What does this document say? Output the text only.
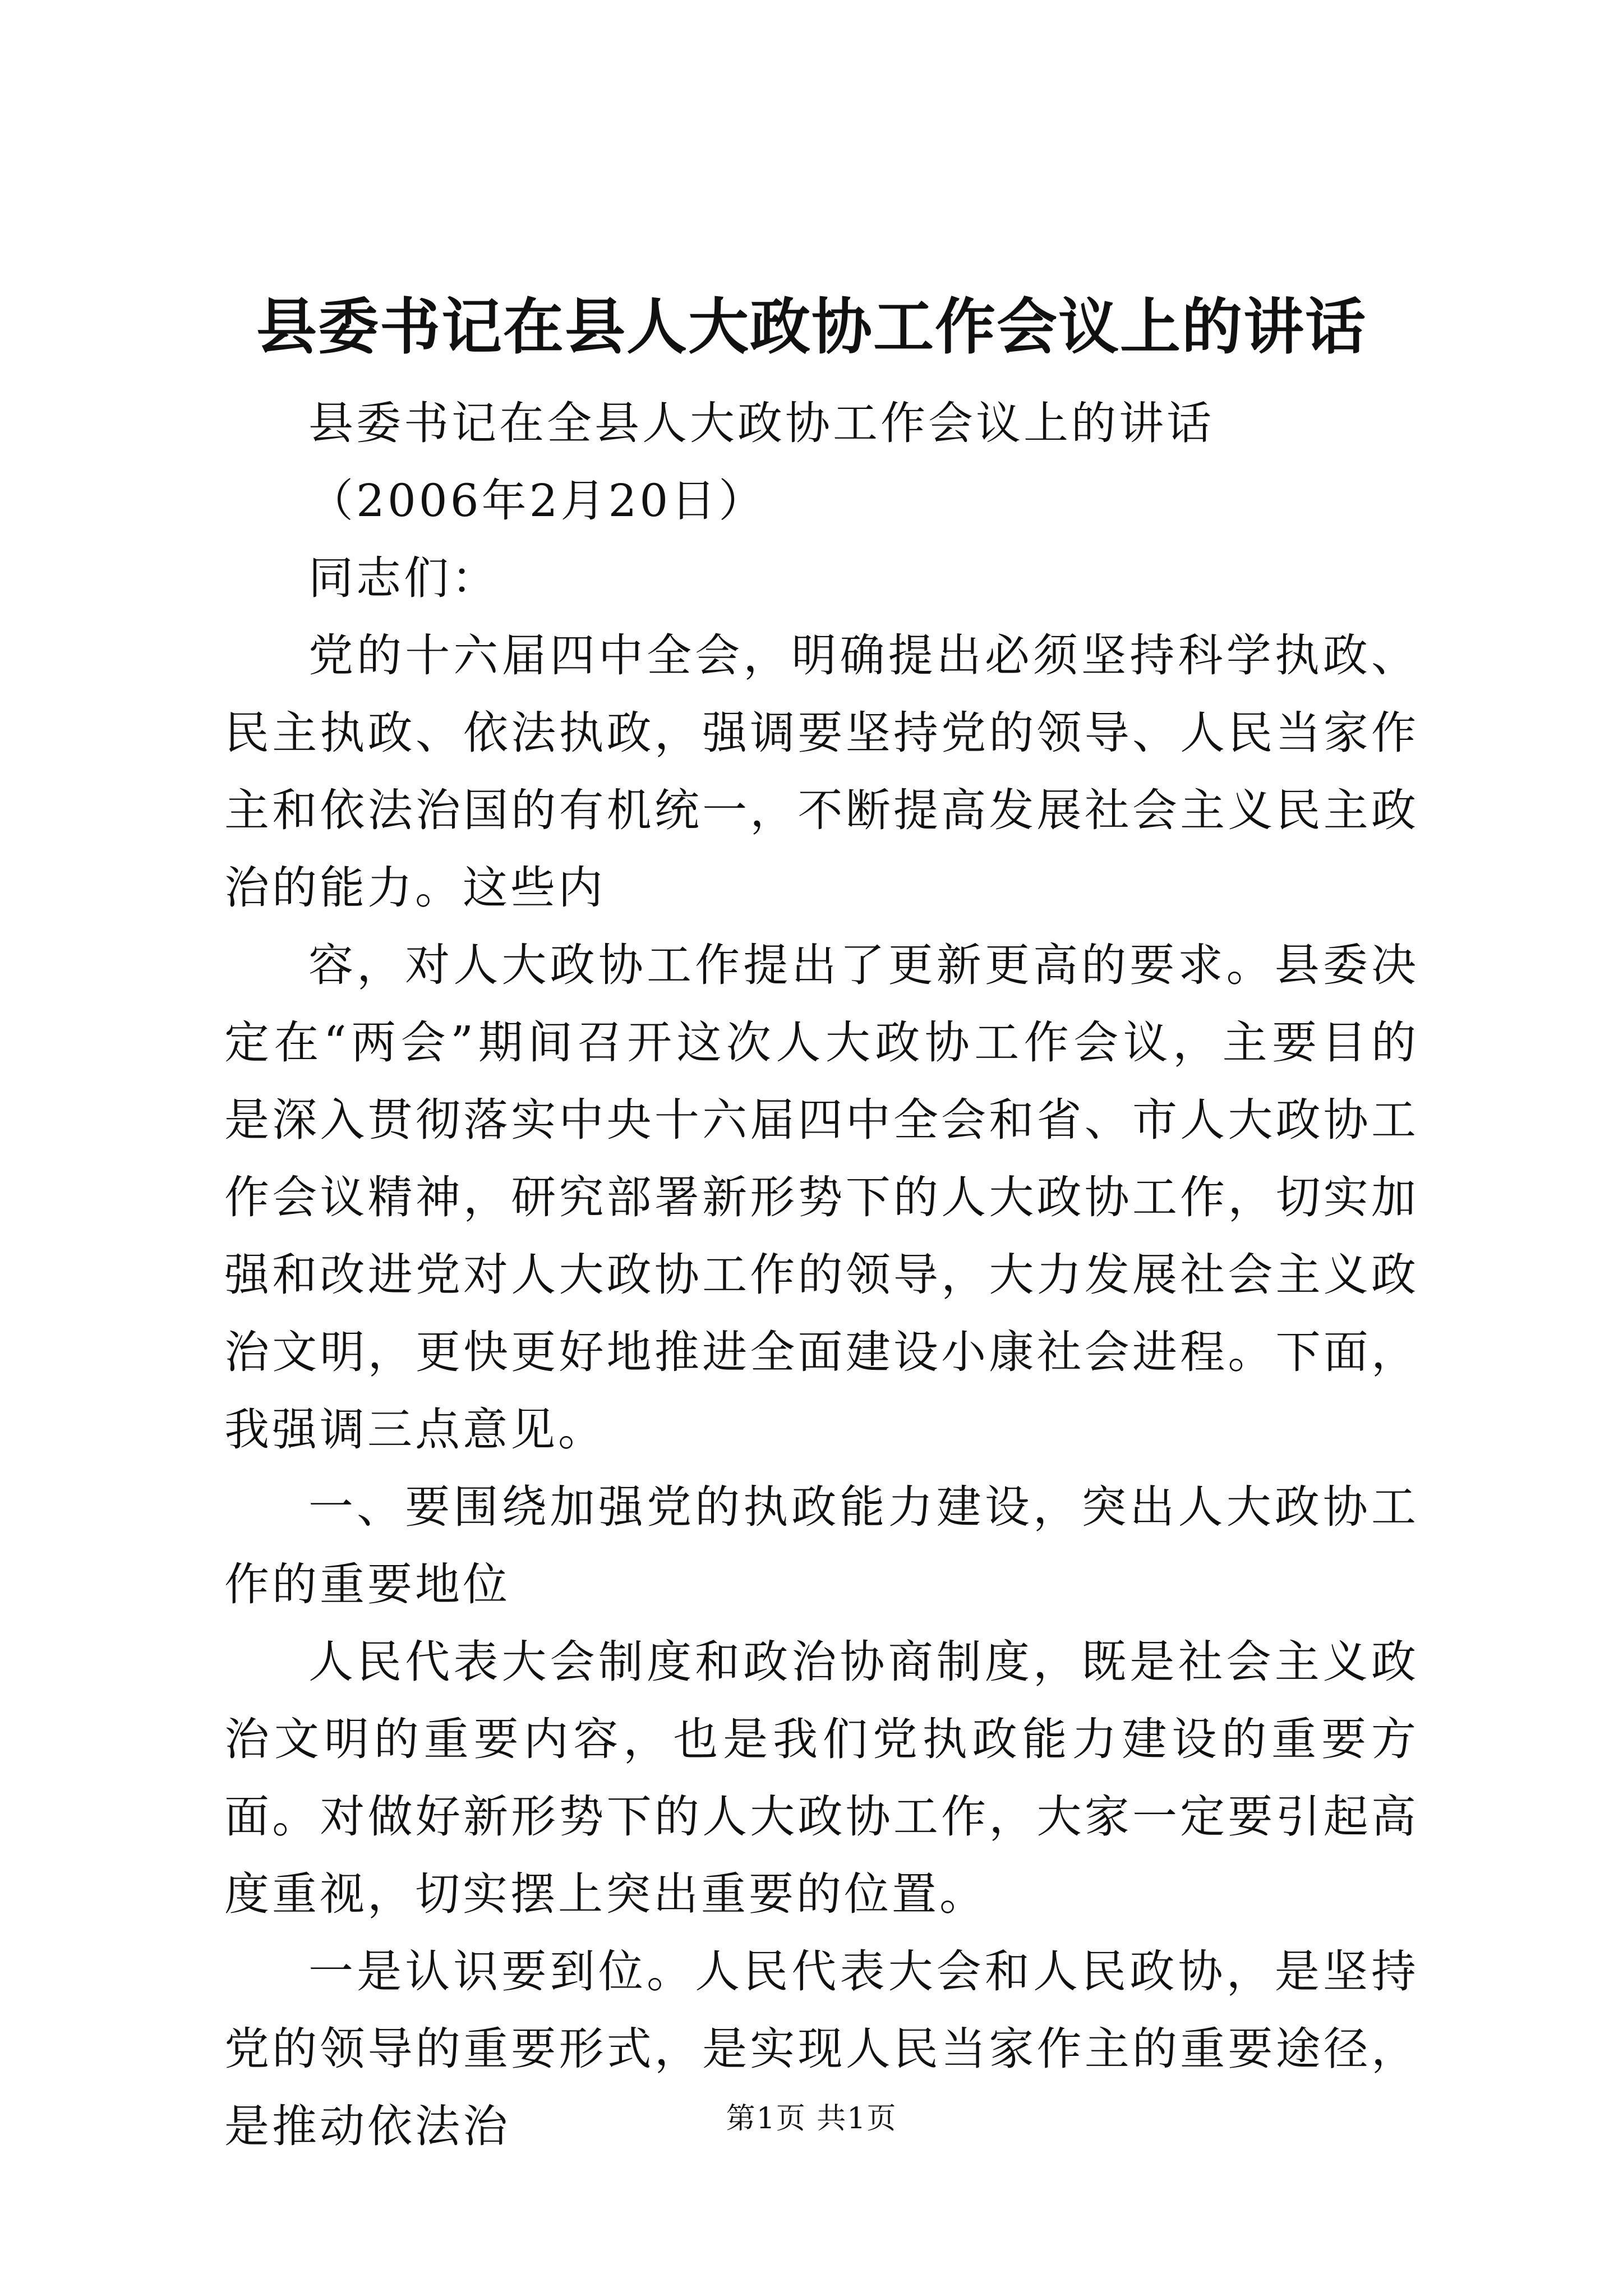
县委书记在县人大政协工作会议上的讲话

县委书记在全县人大政协工作会议上的讲话

（2006年2月20日）

同志们：

党的十六届四中全会，明确提出必须坚持科学执政、民主执政、依法执政，强调要坚持党的领导、人民当家作主和依法治国的有机统一，不断提高发展社会主义民主政治的能力。这些内

容，对人大政协工作提出了更新更高的要求。县委决定在“两会”期间召开这次人大政协工作会议，主要目的是深入贯彻落实中央十六届四中全会和省、市人大政协工作会议精神，研究部署新形势下的人大政协工作，切实加强和改进党对人大政协工作的领导，大力发展社会主义政治文明，更快更好地推进全面建设小康社会进程。下面，我强调三点意见。

一、要围绕加强党的执政能力建设，突出人大政协工作的重要地位

人民代表大会制度和政治协商制度，既是社会主义政治文明的重要内容，也是我们党执政能力建设的重要方面。对做好新形势下的人大政协工作，大家一定要引起高度重视，切实摆上突出重要的位置。

一是认识要到位。人民代表大会和人民政协，是坚持党的领导的重要形式，是实现人民当家作主的重要途径，是推动依法治	第1页 共1页
